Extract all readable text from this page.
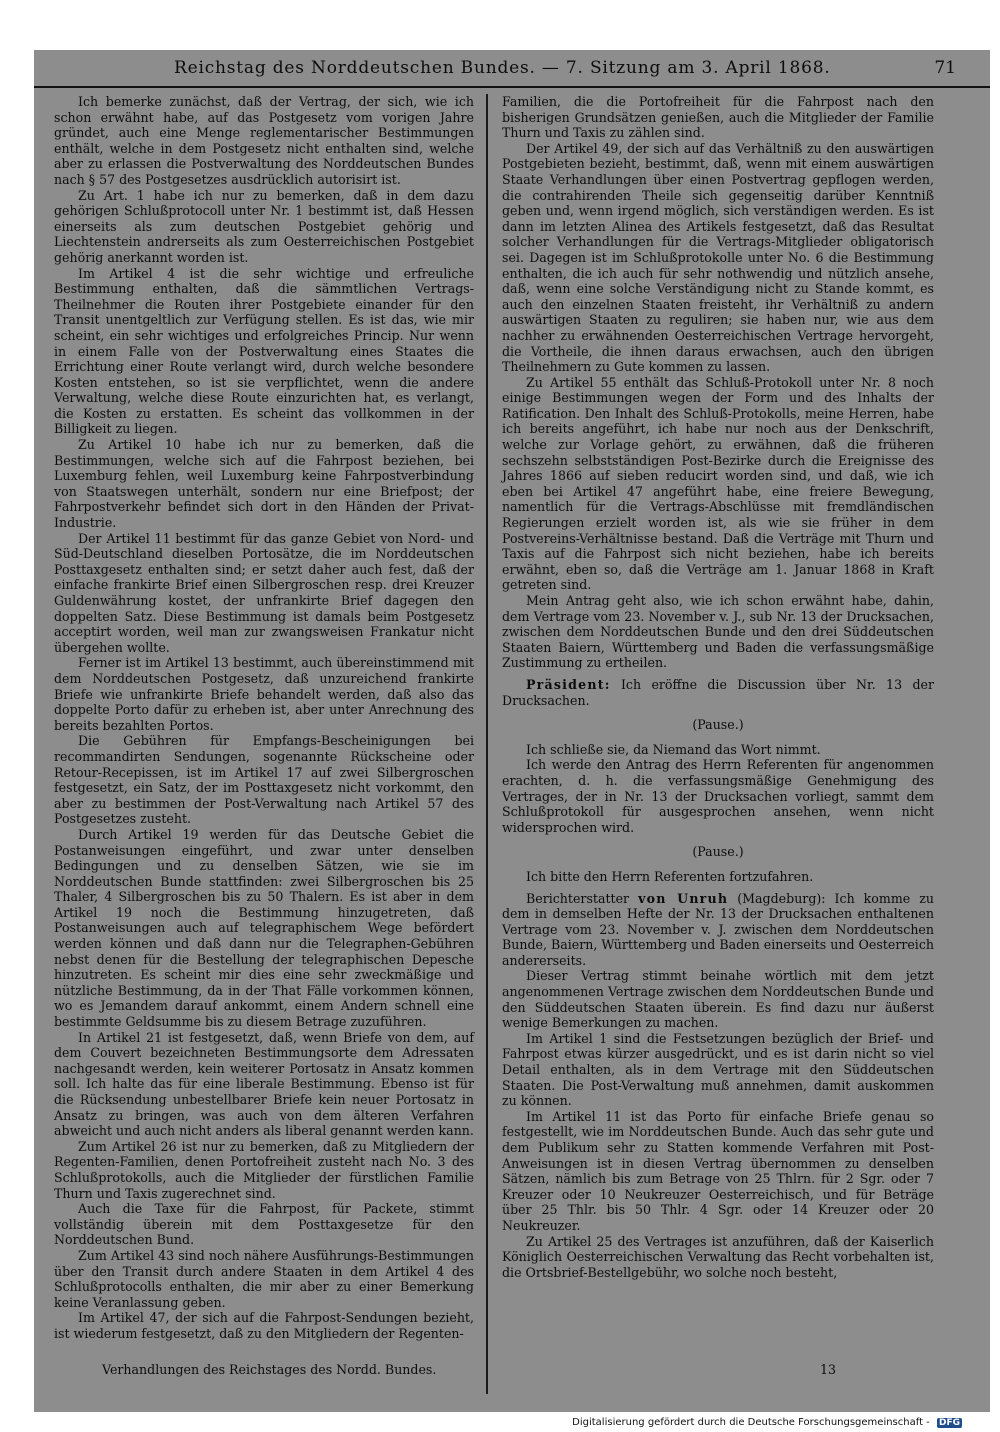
Reichstag des Norddeutschen Bundes. — 7. Sitzung am 3. April 1868.	71

Ich bemerke zunächst, daß der Vertrag, der sich, wie ich schon erwähnt habe, auf das Postgesetz vom vorigen Jahre gründet, auch eine Menge reglementarischer Bestimmungen enthält, welche in dem Postgesetz nicht enthalten sind, welche aber zu erlassen die Postverwaltung des Norddeutschen Bundes nach § 57 des Postgesetzes ausdrücklich autorisirt ist.

Zu Art. 1 habe ich nur zu bemerken, daß in dem dazu gehörigen Schlußprotocoll unter Nr. 1 bestimmt ist, daß Hessen einerseits als zum deutschen Postgebiet gehörig und Liechtenstein andrerseits als zum Oesterreichischen Postgebiet gehörig anerkannt worden ist.

Im Artikel 4 ist die sehr wichtige und erfreuliche Bestimmung enthalten, daß die sämmtlichen Vertrags-Theilnehmer die Routen ihrer Postgebiete einander für den Transit unentgeltlich zur Verfügung stellen. Es ist das, wie mir scheint, ein sehr wichtiges und erfolgreiches Princip. Nur wenn in einem Falle von der Postverwaltung eines Staates die Errichtung einer Route verlangt wird, durch welche besondere Kosten entstehen, so ist sie verpflichtet, wenn die andere Verwaltung, welche diese Route einzurichten hat, es verlangt, die Kosten zu erstatten. Es scheint das vollkommen in der Billigkeit zu liegen.

Zu Artikel 10 habe ich nur zu bemerken, daß die Bestimmungen, welche sich auf die Fahrpost beziehen, bei Luxemburg fehlen, weil Luxemburg keine Fahrpostverbindung von Staatswegen unterhält, sondern nur eine Briefpost; der Fahrpostverkehr befindet sich dort in den Händen der Privat-Industrie.

Der Artikel 11 bestimmt für das ganze Gebiet von Nord- und Süd-Deutschland dieselben Portosätze, die im Norddeutschen Posttaxgesetz enthalten sind; er setzt daher auch fest, daß der einfache frankirte Brief einen Silbergroschen resp. drei Kreuzer Guldenwährung kostet, der unfrankirte Brief dagegen den doppelten Satz. Diese Bestimmung ist damals beim Postgesetz acceptirt worden, weil man zur zwangsweisen Frankatur nicht übergehen wollte.

Ferner ist im Artikel 13 bestimmt, auch übereinstimmend mit dem Norddeutschen Postgesetz, daß unzureichend frankirte Briefe wie unfrankirte Briefe behandelt werden, daß also das doppelte Porto dafür zu erheben ist, aber unter Anrechnung des bereits bezahlten Portos.

Die Gebühren für Empfangs-Bescheinigungen bei recommandirten Sendungen, sogenannte Rückscheine oder Retour-Recepissen, ist im Artikel 17 auf zwei Silbergroschen festgesetzt, ein Satz, der im Posttaxgesetz nicht vorkommt, den aber zu bestimmen der Post-Verwaltung nach Artikel 57 des Postgesetzes zusteht.

Durch Artikel 19 werden für das Deutsche Gebiet die Postanweisungen eingeführt, und zwar unter denselben Bedingungen und zu denselben Sätzen, wie sie im Norddeutschen Bunde stattfinden: zwei Silbergroschen bis 25 Thaler, 4 Silbergroschen bis zu 50 Thalern. Es ist aber in dem Artikel 19 noch die Bestimmung hinzugetreten, daß Postanweisungen auch auf telegraphischem Wege befördert werden können und daß dann nur die Telegraphen-Gebühren nebst denen für die Bestellung der telegraphischen Depesche hinzutreten. Es scheint mir dies eine sehr zweckmäßige und nützliche Bestimmung, da in der That Fälle vorkommen können, wo es Jemandem darauf ankommt, einem Andern schnell eine bestimmte Geldsumme bis zu diesem Betrage zuzuführen.

In Artikel 21 ist festgesetzt, daß, wenn Briefe von dem, auf dem Couvert bezeichneten Bestimmungsorte dem Adressaten nachgesandt werden, kein weiterer Portosatz in Ansatz kommen soll. Ich halte das für eine liberale Bestimmung. Ebenso ist für die Rücksendung unbestellbarer Briefe kein neuer Portosatz in Ansatz zu bringen, was auch von dem älteren Verfahren abweicht und auch nicht anders als liberal genannt werden kann.

Zum Artikel 26 ist nur zu bemerken, daß zu Mitgliedern der Regenten-Familien, denen Portofreiheit zusteht nach No. 3 des Schlußprotokolls, auch die Mitglieder der fürstlichen Familie Thurn und Taxis zugerechnet sind.

Auch die Taxe für die Fahrpost, für Packete, stimmt vollständig überein mit dem Posttaxgesetze für den Norddeutschen Bund.

Zum Artikel 43 sind noch nähere Ausführungs-Bestimmungen über den Transit durch andere Staaten in dem Artikel 4 des Schlußprotocolls enthalten, die mir aber zu einer Bemerkung keine Veranlassung geben.

Im Artikel 47, der sich auf die Fahrpost-Sendungen bezieht, ist wiederum festgesetzt, daß zu den Mitgliedern der Regenten-

Familien, die die Portofreiheit für die Fahrpost nach den bisherigen Grundsätzen genießen, auch die Mitglieder der Familie Thurn und Taxis zu zählen sind.

Der Artikel 49, der sich auf das Verhältniß zu den auswärtigen Postgebieten bezieht, bestimmt, daß, wenn mit einem auswärtigen Staate Verhandlungen über einen Postvertrag gepflogen werden, die contrahirenden Theile sich gegenseitig darüber Kenntniß geben und, wenn irgend möglich, sich verständigen werden. Es ist dann im letzten Alinea des Artikels festgesetzt, daß das Resultat solcher Verhandlungen für die Vertrags-Mitglieder obligatorisch sei. Dagegen ist im Schlußprotokolle unter No. 6 die Bestimmung enthalten, die ich auch für sehr nothwendig und nützlich ansehe, daß, wenn eine solche Verständigung nicht zu Stande kommt, es auch den einzelnen Staaten freisteht, ihr Verhältniß zu andern auswärtigen Staaten zu reguliren; sie haben nur, wie aus dem nachher zu erwähnenden Oesterreichischen Vertrage hervorgeht, die Vortheile, die ihnen daraus erwachsen, auch den übrigen Theilnehmern zu Gute kommen zu lassen.

Zu Artikel 55 enthält das Schluß-Protokoll unter Nr. 8 noch einige Bestimmungen wegen der Form und des Inhalts der Ratification. Den Inhalt des Schluß-Protokolls, meine Herren, habe ich bereits angeführt, ich habe nur noch aus der Denkschrift, welche zur Vorlage gehört, zu erwähnen, daß die früheren sechszehn selbstständigen Post-Bezirke durch die Ereignisse des Jahres 1866 auf sieben reducirt worden sind, und daß, wie ich eben bei Artikel 47 angeführt habe, eine freiere Bewegung, namentlich für die Vertrags-Abschlüsse mit fremdländischen Regierungen erzielt worden ist, als wie sie früher in dem Postvereins-Verhältnisse bestand. Daß die Verträge mit Thurn und Taxis auf die Fahrpost sich nicht beziehen, habe ich bereits erwähnt, eben so, daß die Verträge am 1. Januar 1868 in Kraft getreten sind.

Mein Antrag geht also, wie ich schon erwähnt habe, dahin, dem Vertrage vom 23. November v. J., sub Nr. 13 der Drucksachen, zwischen dem Norddeutschen Bunde und den drei Süddeutschen Staaten Baiern, Württemberg und Baden die verfassungsmäßige Zustimmung zu ertheilen.

Präsident: Ich eröffne die Discussion über Nr. 13 der Drucksachen.

(Pause.)

Ich schließe sie, da Niemand das Wort nimmt.

Ich werde den Antrag des Herrn Referenten für angenommen erachten, d. h. die verfassungsmäßige Genehmigung des Vertrages, der in Nr. 13 der Drucksachen vorliegt, sammt dem Schlußprotokoll für ausgesprochen ansehen, wenn nicht widersprochen wird.

(Pause.)

Ich bitte den Herrn Referenten fortzufahren.

Berichterstatter von Unruh (Magdeburg): Ich komme zu dem in demselben Hefte der Nr. 13 der Drucksachen enthaltenen Vertrage vom 23. November v. J. zwischen dem Norddeutschen Bunde, Baiern, Württemberg und Baden einerseits und Oesterreich andererseits.

Dieser Vertrag stimmt beinahe wörtlich mit dem jetzt angenommenen Vertrage zwischen dem Norddeutschen Bunde und den Süddeutschen Staaten überein. Es find dazu nur äußerst wenige Bemerkungen zu machen.

Im Artikel 1 sind die Festsetzungen bezüglich der Brief- und Fahrpost etwas kürzer ausgedrückt, und es ist darin nicht so viel Detail enthalten, als in dem Vertrage mit den Süddeutschen Staaten. Die Post-Verwaltung muß annehmen, damit auskommen zu können.

Im Artikel 11 ist das Porto für einfache Briefe genau so festgestellt, wie im Norddeutschen Bunde. Auch das sehr gute und dem Publikum sehr zu Statten kommende Verfahren mit Post-Anweisungen ist in diesen Vertrag übernommen zu denselben Sätzen, nämlich bis zum Betrage von 25 Thlrn. für 2 Sgr. oder 7 Kreuzer oder 10 Neukreuzer Oesterreichisch, und für Beträge über 25 Thlr. bis 50 Thlr. 4 Sgr. oder 14 Kreuzer oder 20 Neukreuzer.

Zu Artikel 25 des Vertrages ist anzuführen, daß der Kaiserlich Königlich Oesterreichischen Verwaltung das Recht vorbehalten ist, die Ortsbrief-Bestellgebühr, wo solche noch besteht,

Verhandlungen des Reichstages des Nordd. Bundes.	13
Digitalisierung gefördert durch die Deutsche Forschungsgemeinschaft - DFG
